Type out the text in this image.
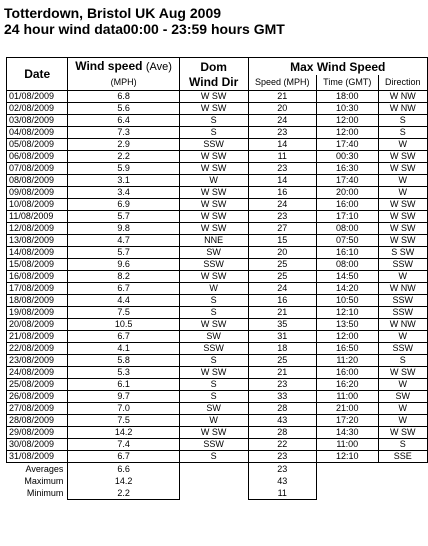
Totterdown, Bristol UK Aug 2009
24 hour wind data00:00 - 23:59 hours GMT
Date	Wind speed (Ave)	Dom	Max Wind Speed		
	(MPH)	Wind Dir	Speed (MPH)	Time (GMT)	Direction
01/08/2009	6.8	W SW	21	18:00	W NW
02/08/2009	5.6	W SW	20	10:30	W NW
03/08/2009	6.4	S	24	12:00	S
04/08/2009	7.3	S	23	12:00	S
05/08/2009	2.9	SSW	14	17:40	W
06/08/2009	2.2	W SW	11	00:30	W SW
07/08/2009	5.9	W SW	23	16:30	W SW
08/08/2009	3.1	W	14	17:40	W
09/08/2009	3.4	W SW	16	20:00	W
10/08/2009	6.9	W SW	24	16:00	W SW
11/08/2009	5.7	W SW	23	17:10	W SW
12/08/2009	9.8	W SW	27	08:00	W SW
13/08/2009	4.7	NNE	15	07:50	W SW
14/08/2009	5.7	SW	20	16:10	S SW
15/08/2009	9.6	SSW	25	08:00	SSW
16/08/2009	8.2	W SW	25	14:50	W
17/08/2009	6.7	W	24	14:20	W NW
18/08/2009	4.4	S	16	10:50	SSW
19/08/2009	7.5	S	21	12:10	SSW
20/08/2009	10.5	W SW	35	13:50	W NW
21/08/2009	6.7	SW	31	12:00	W
22/08/2009	4.1	SSW	18	16:50	SSW
23/08/2009	5.8	S	25	11:20	S
24/08/2009	5.3	W SW	21	16:00	W SW
25/08/2009	6.1	S	23	16:20	W
26/08/2009	9.7	S	33	11:00	SW
27/08/2009	7.0	SW	28	21:00	W
28/08/2009	7.5	W	43	17:20	W
29/08/2009	14.2	W SW	28	14:30	W SW
30/08/2009	7.4	SSW	22	11:00	S
31/08/2009	6.7	S	23	12:10	SSE
Averages	6.6		23		
Maximum	14.2		43		
Minimum	2.2		11		
